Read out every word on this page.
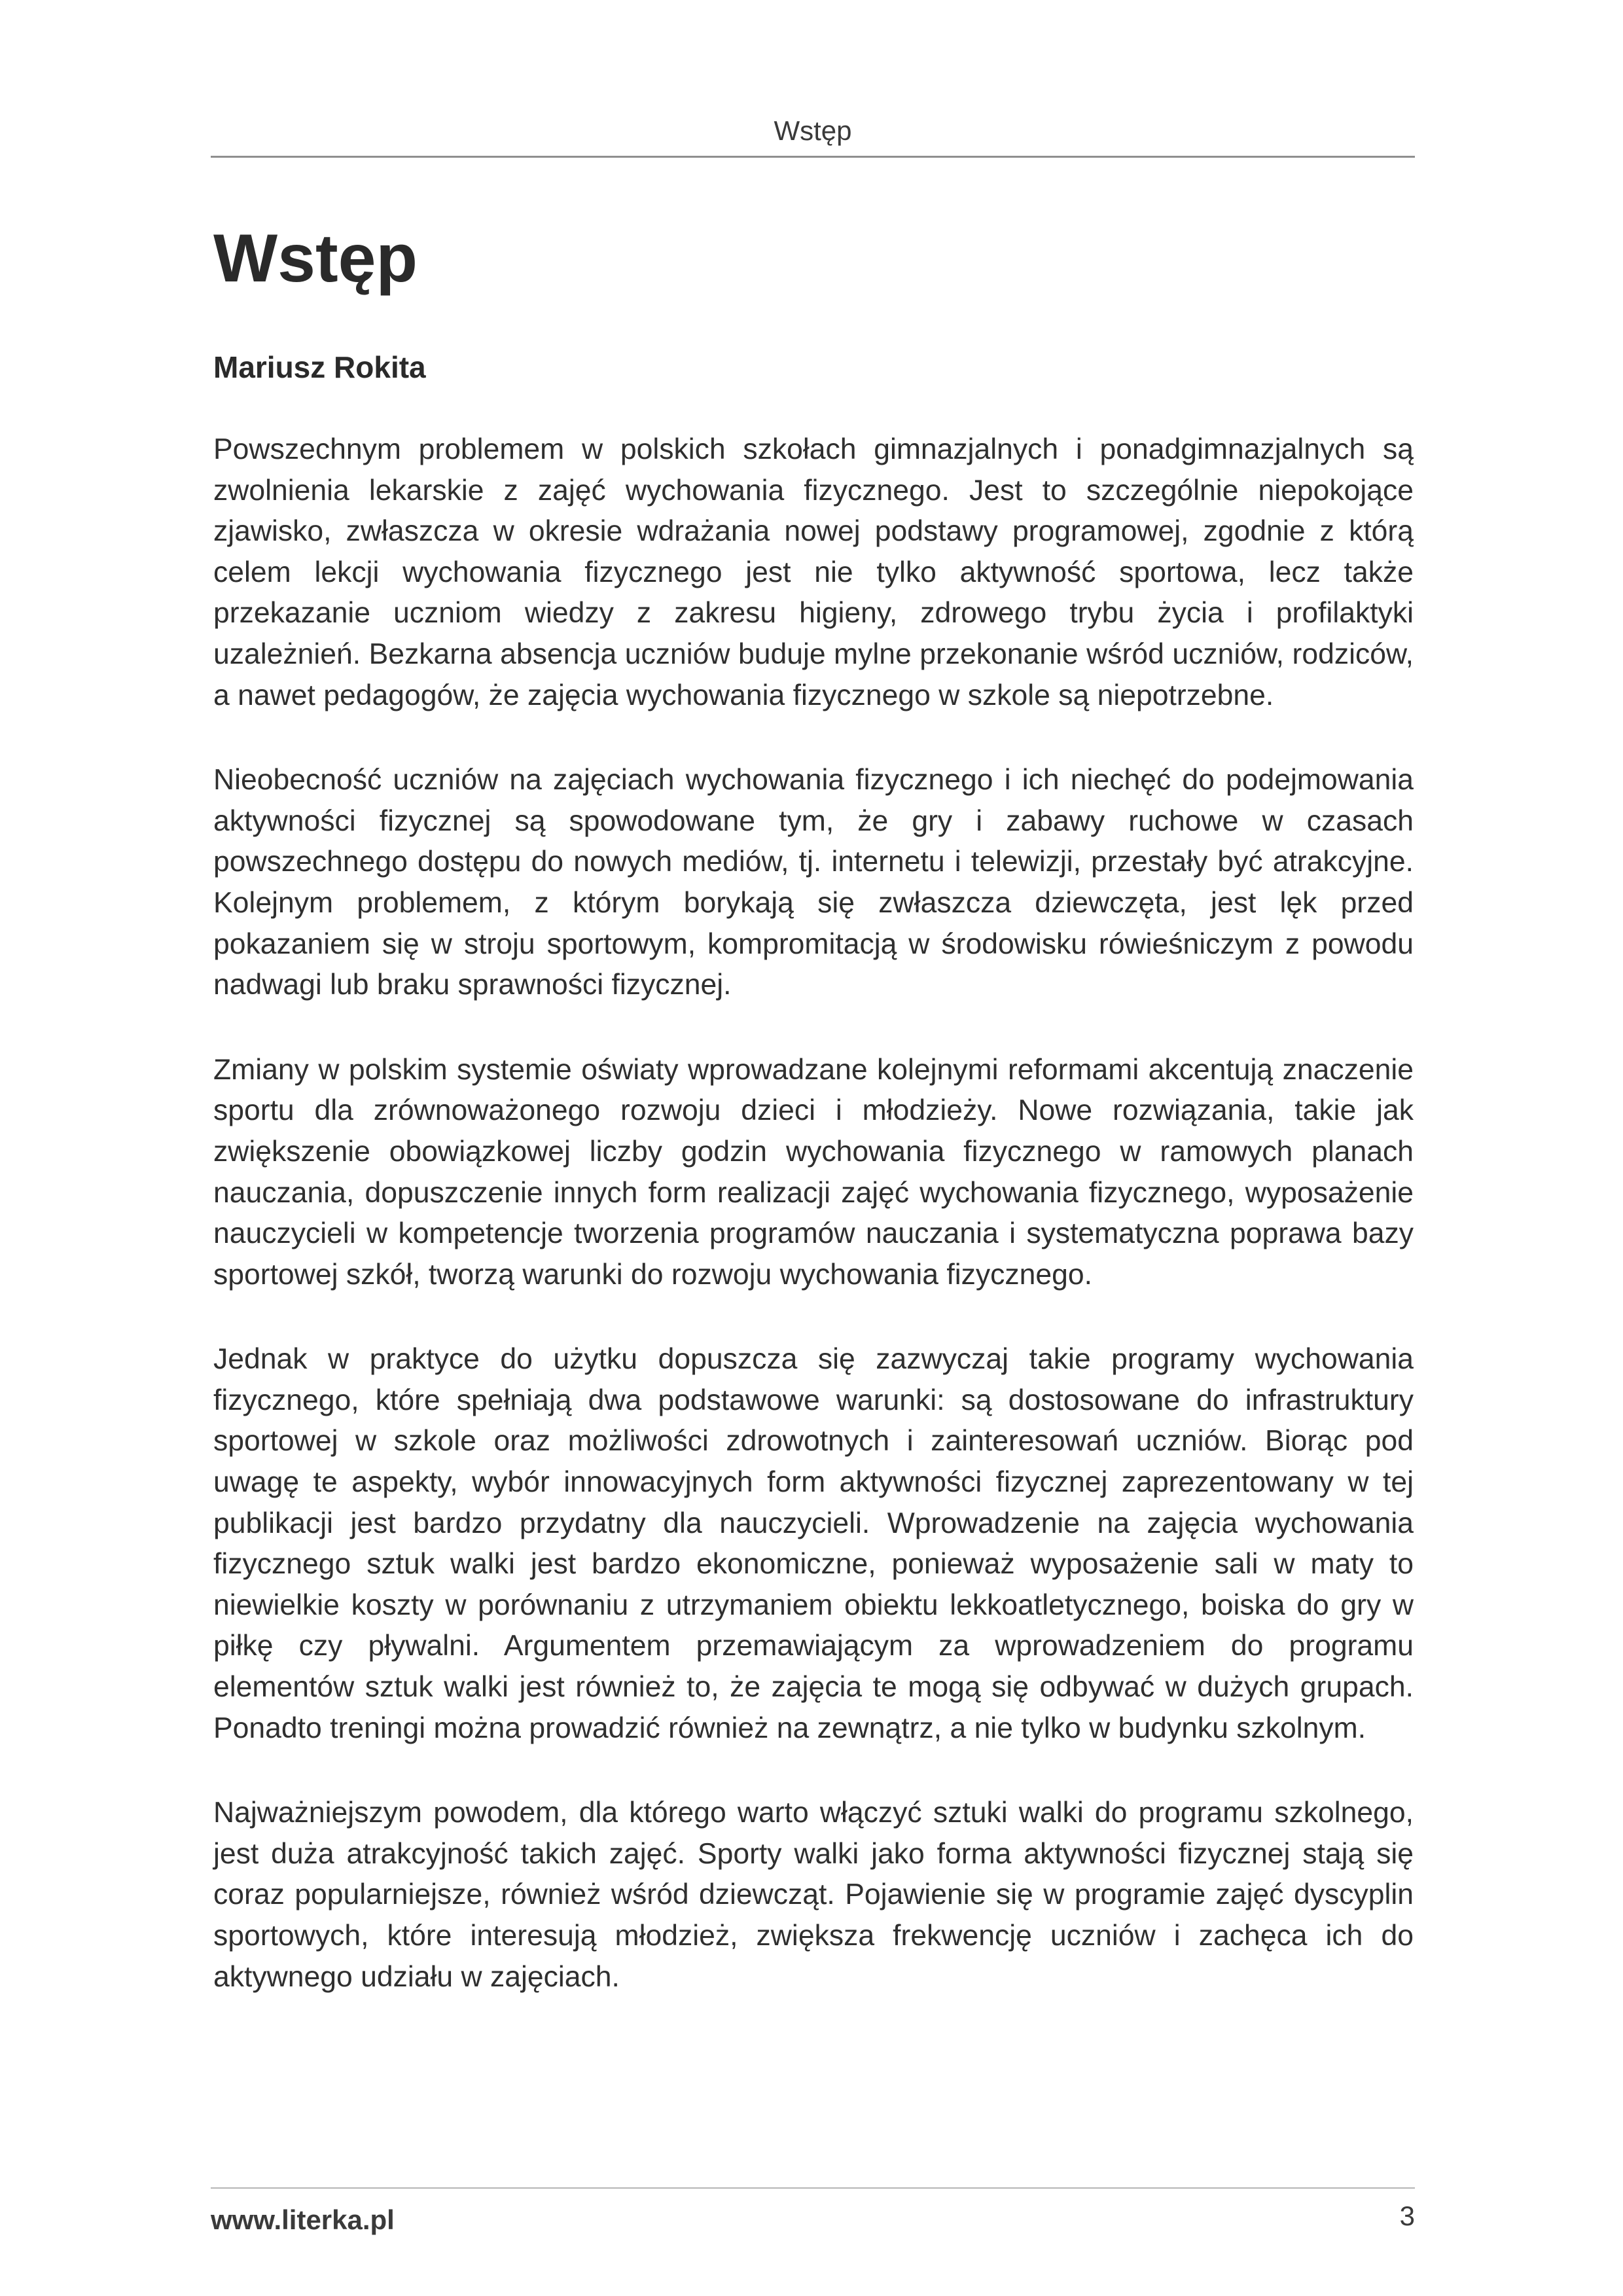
Wstęp
Wstęp
Mariusz Rokita

Powszechnym problemem w polskich szkołach gimnazjalnych i ponadgimnazjalnych są zwolnienia lekarskie z zajęć wychowania fizycznego. Jest to szczególnie niepokojące zjawisko, zwłaszcza w okresie wdrażania nowej podstawy programowej, zgodnie z którą celem lekcji wychowania fizycznego jest nie tylko aktywność sportowa, lecz także przekazanie uczniom wiedzy z zakresu higieny, zdrowego trybu życia i profilaktyki uzależnień. Bezkarna absencja uczniów buduje mylne przekonanie wśród uczniów, rodziców, a nawet pedagogów, że zajęcia wychowania fizycznego w szkole są niepotrzebne.

Nieobecność uczniów na zajęciach wychowania fizycznego i ich niechęć do podejmowania aktywności fizycznej są spowodowane tym, że gry i zabawy ruchowe w czasach powszechnego dostępu do nowych mediów, tj. internetu i telewizji, przestały być atrakcyjne. Kolejnym problemem, z którym borykają się zwłaszcza dziewczęta, jest lęk przed pokazaniem się w stroju sportowym, kompromitacją w środowisku rówieśniczym z powodu nadwagi lub braku sprawności fizycznej.

Zmiany w polskim systemie oświaty wprowadzane kolejnymi reformami akcentują znaczenie sportu dla zrównoważonego rozwoju dzieci i młodzieży. Nowe rozwiązania, takie jak zwiększenie obowiązkowej liczby godzin wychowania fizycznego w ramowych planach nauczania, dopuszczenie innych form realizacji zajęć wychowania fizycznego, wyposażenie nauczycieli w kompetencje tworzenia programów nauczania i systematyczna poprawa bazy sportowej szkół, tworzą warunki do rozwoju wychowania fizycznego.

Jednak w praktyce do użytku dopuszcza się zazwyczaj takie programy wychowania fizycznego, które spełniają dwa podstawowe warunki: są dostosowane do infrastruktury sportowej w szkole oraz możliwości zdrowotnych i zainteresowań uczniów. Biorąc pod uwagę te aspekty, wybór innowacyjnych form aktywności fizycznej zaprezentowany w tej publikacji jest bardzo przydatny dla nauczycieli. Wprowadzenie na zajęcia wychowania fizycznego sztuk walki jest bardzo ekonomiczne, ponieważ wyposażenie sali w maty to niewielkie koszty w porównaniu z utrzymaniem obiektu lekkoatletycznego, boiska do gry w piłkę czy pływalni. Argumentem przemawiającym za wprowadzeniem do programu elementów sztuk walki jest również to, że zajęcia te mogą się odbywać w dużych grupach. Ponadto treningi można prowadzić również na zewnątrz, a nie tylko w budynku szkolnym.

Najważniejszym powodem, dla którego warto włączyć sztuki walki do programu szkolnego, jest duża atrakcyjność takich zajęć. Sporty walki jako forma aktywności fizycznej stają się coraz popularniejsze, również wśród dziewcząt. Pojawienie się w programie zajęć dyscyplin sportowych, które interesują młodzież, zwiększa frekwencję uczniów i zachęca ich do aktywnego udziału w zajęciach.

www.literka.pl	3
